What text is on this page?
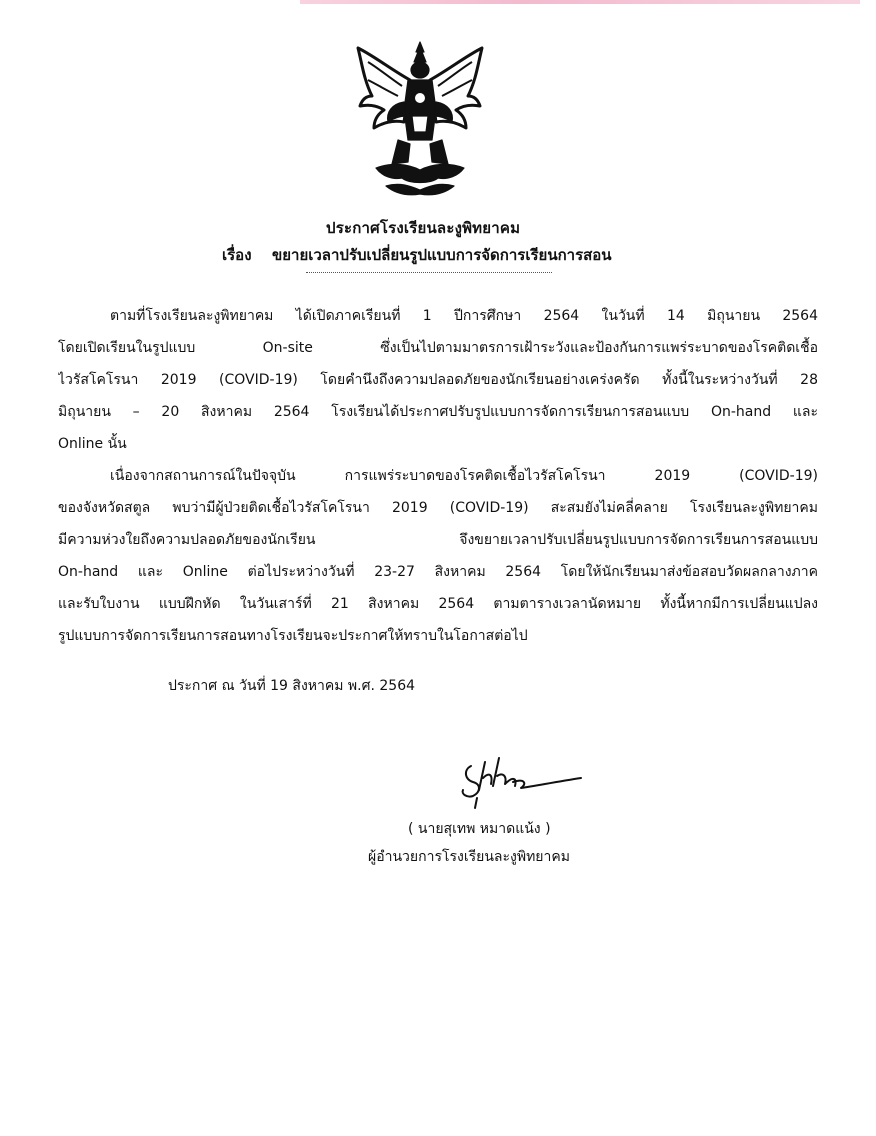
ประกาศโรงเรียนละงูพิทยาคม
เรื่อง ขยายเวลาปรับเปลี่ยนรูปแบบการจัดการเรียนการสอน
ตามที่โรงเรียนละงูพิทยาคม ได้เปิดภาคเรียนที่ 1 ปีการศึกษา 2564 ในวันที่ 14 มิถุนายน 2564
โดยเปิดเรียนในรูปแบบ On-site ซึ่งเป็นไปตามมาตรการเฝ้าระวังและป้องกันการแพร่ระบาดของโรคติดเชื้อ
ไวรัสโคโรนา 2019 (COVID-19) โดยคำนึงถึงความปลอดภัยของนักเรียนอย่างเคร่งครัด ทั้งนี้ในระหว่างวันที่ 28
มิถุนายน – 20 สิงหาคม 2564 โรงเรียนได้ประกาศปรับรูปแบบการจัดการเรียนการสอนแบบ On-hand และ
Online นั้น
เนื่องจากสถานการณ์ในปัจจุบัน การแพร่ระบาดของโรคติดเชื้อไวรัสโคโรนา 2019 (COVID-19)
ของจังหวัดสตูล พบว่ามีผู้ป่วยติดเชื้อไวรัสโคโรนา 2019 (COVID-19) สะสมยังไม่คลี่คลาย โรงเรียนละงูพิทยาคม
มีความห่วงใยถึงความปลอดภัยของนักเรียน จึงขยายเวลาปรับเปลี่ยนรูปแบบการจัดการเรียนการสอนแบบ
On-hand และ Online ต่อไประหว่างวันที่ 23-27 สิงหาคม 2564 โดยให้นักเรียนมาส่งข้อสอบวัดผลกลางภาค
และรับใบงาน แบบฝึกหัด ในวันเสาร์ที่ 21 สิงหาคม 2564 ตามตารางเวลานัดหมาย ทั้งนี้หากมีการเปลี่ยนแปลง
รูปแบบการจัดการเรียนการสอนทางโรงเรียนจะประกาศให้ทราบในโอกาสต่อไป
ประกาศ ณ วันที่ 19 สิงหาคม พ.ศ. 2564
( นายสุเทพ หมาดแน้ง )
ผู้อำนวยการโรงเรียนละงูพิทยาคม
